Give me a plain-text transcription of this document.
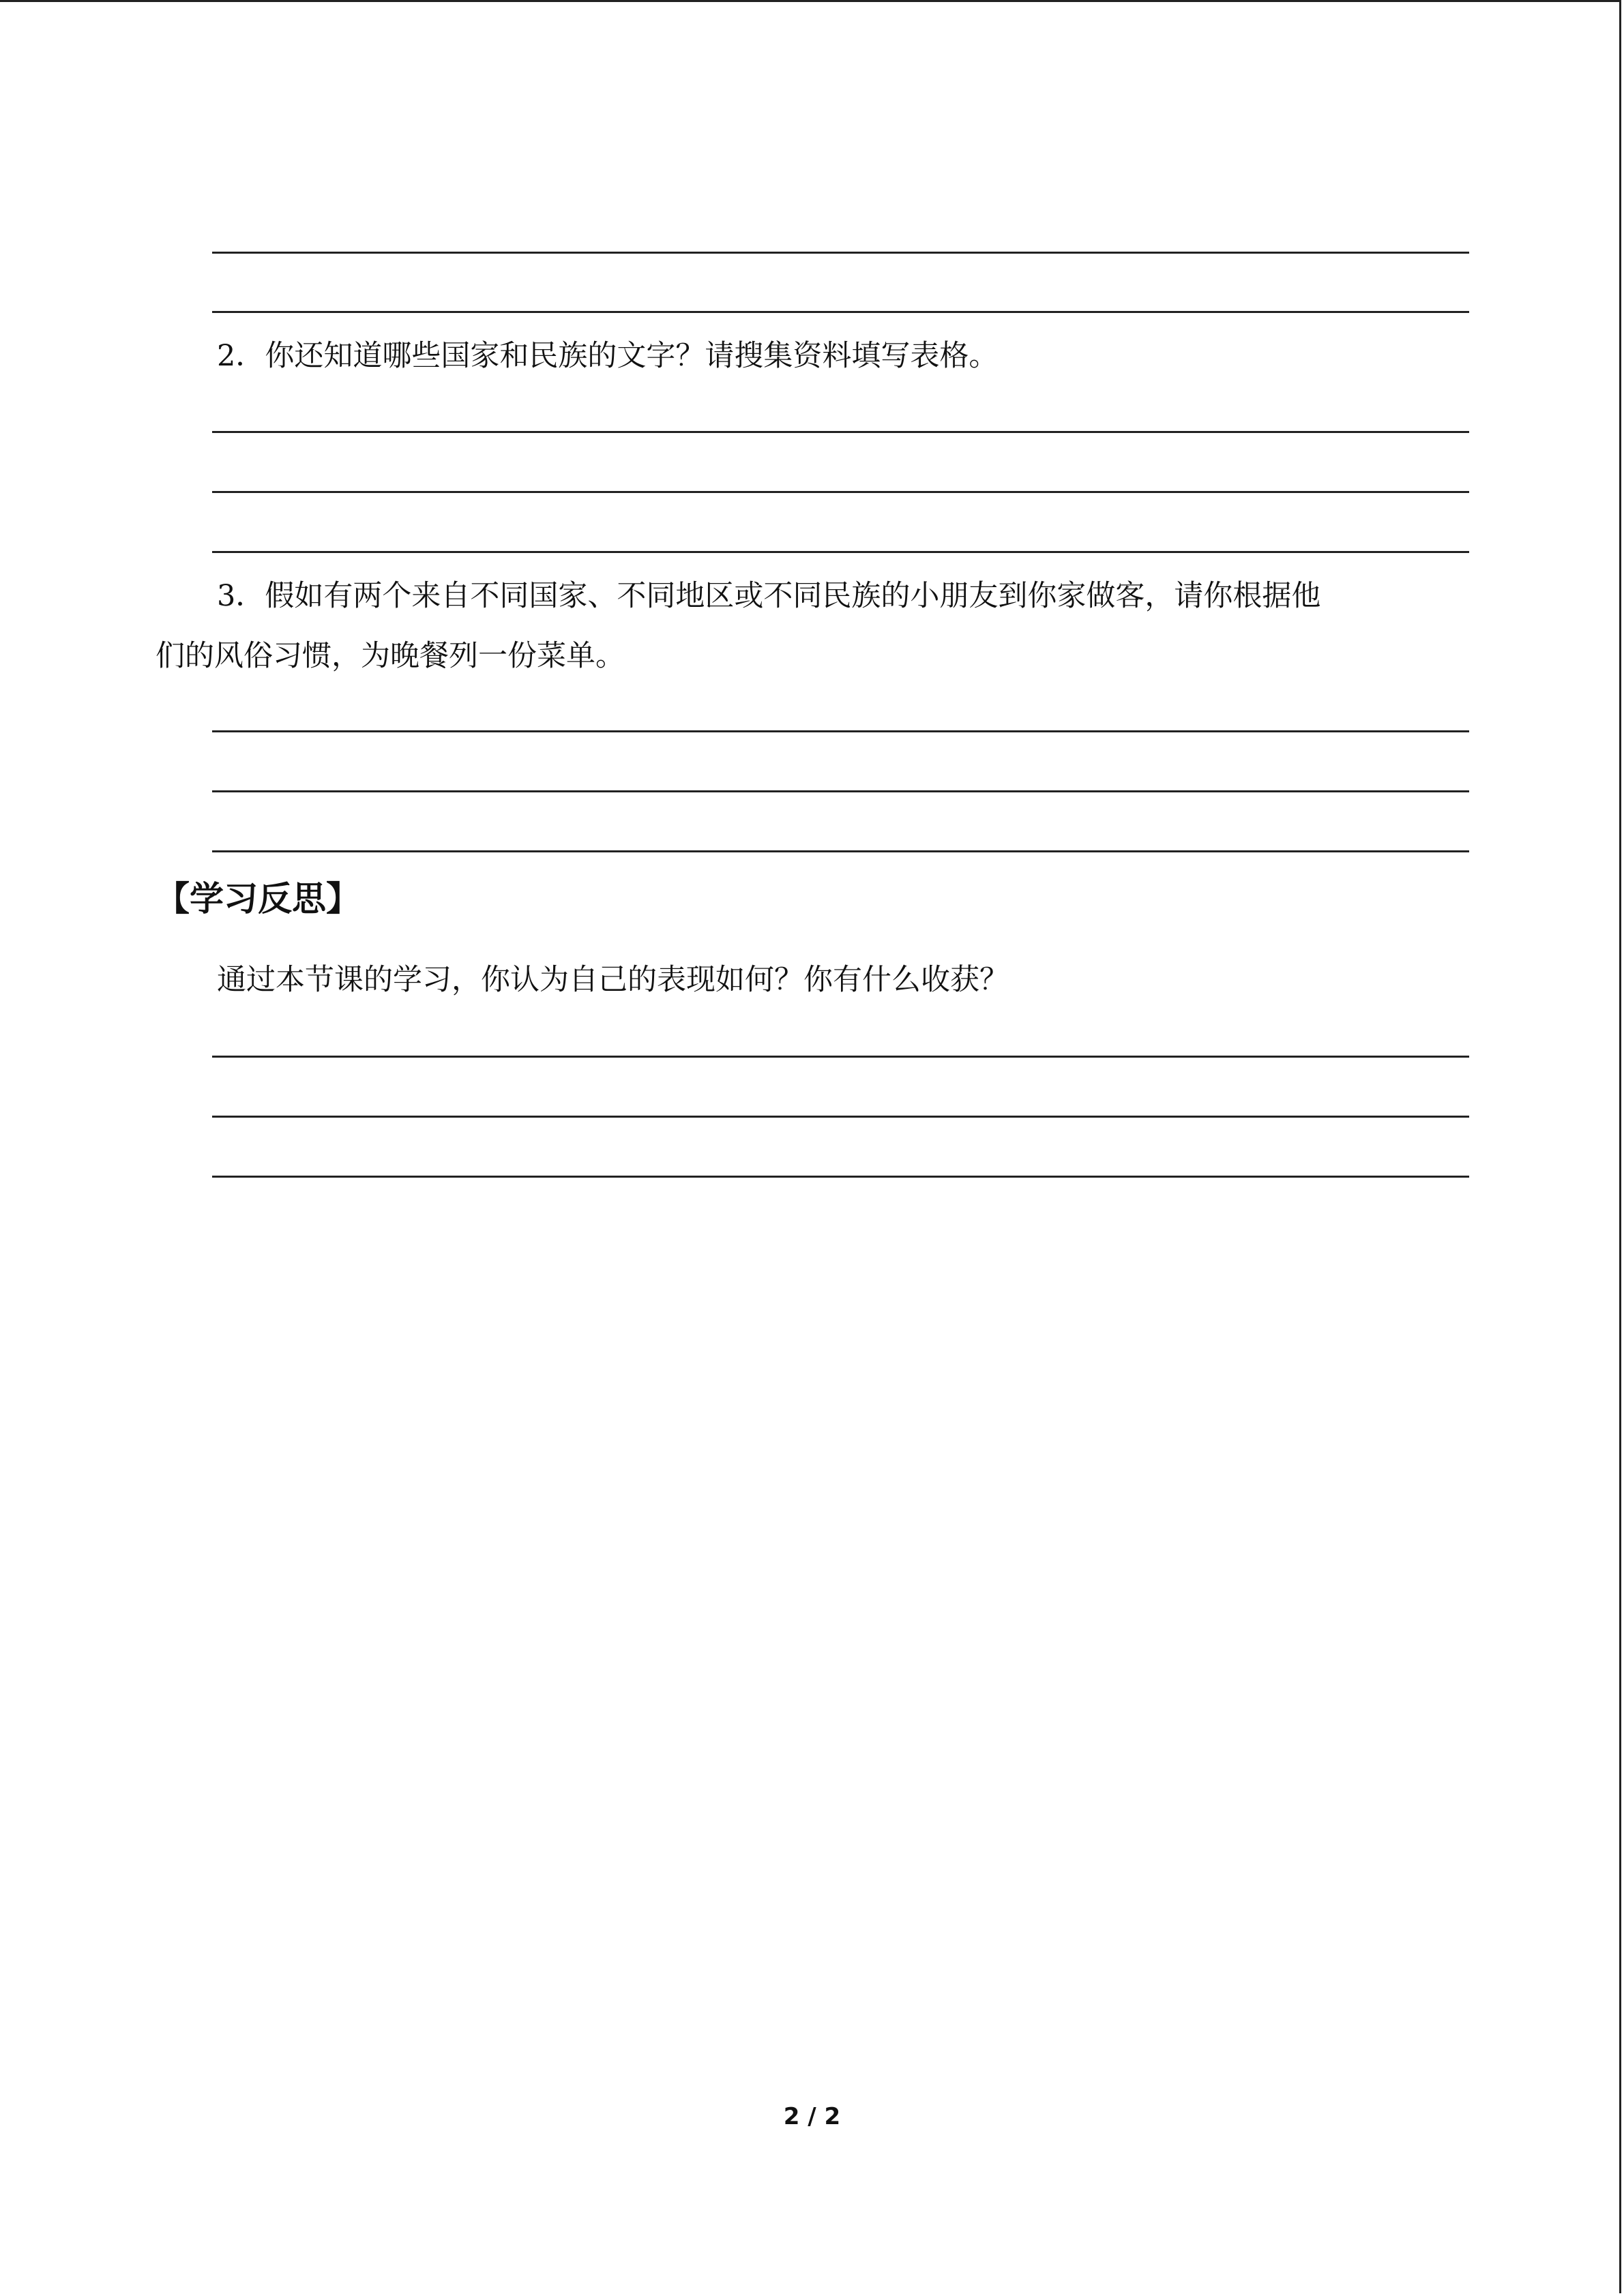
2．你还知道哪些国家和民族的文字？请搜集资料填写表格。
3．假如有两个来自不同国家、不同地区或不同民族的小朋友到你家做客，请你根据他
们的风俗习惯，为晚餐列一份菜单。
【学习反思】
通过本节课的学习，你认为自己的表现如何？你有什么收获？
2 / 2
